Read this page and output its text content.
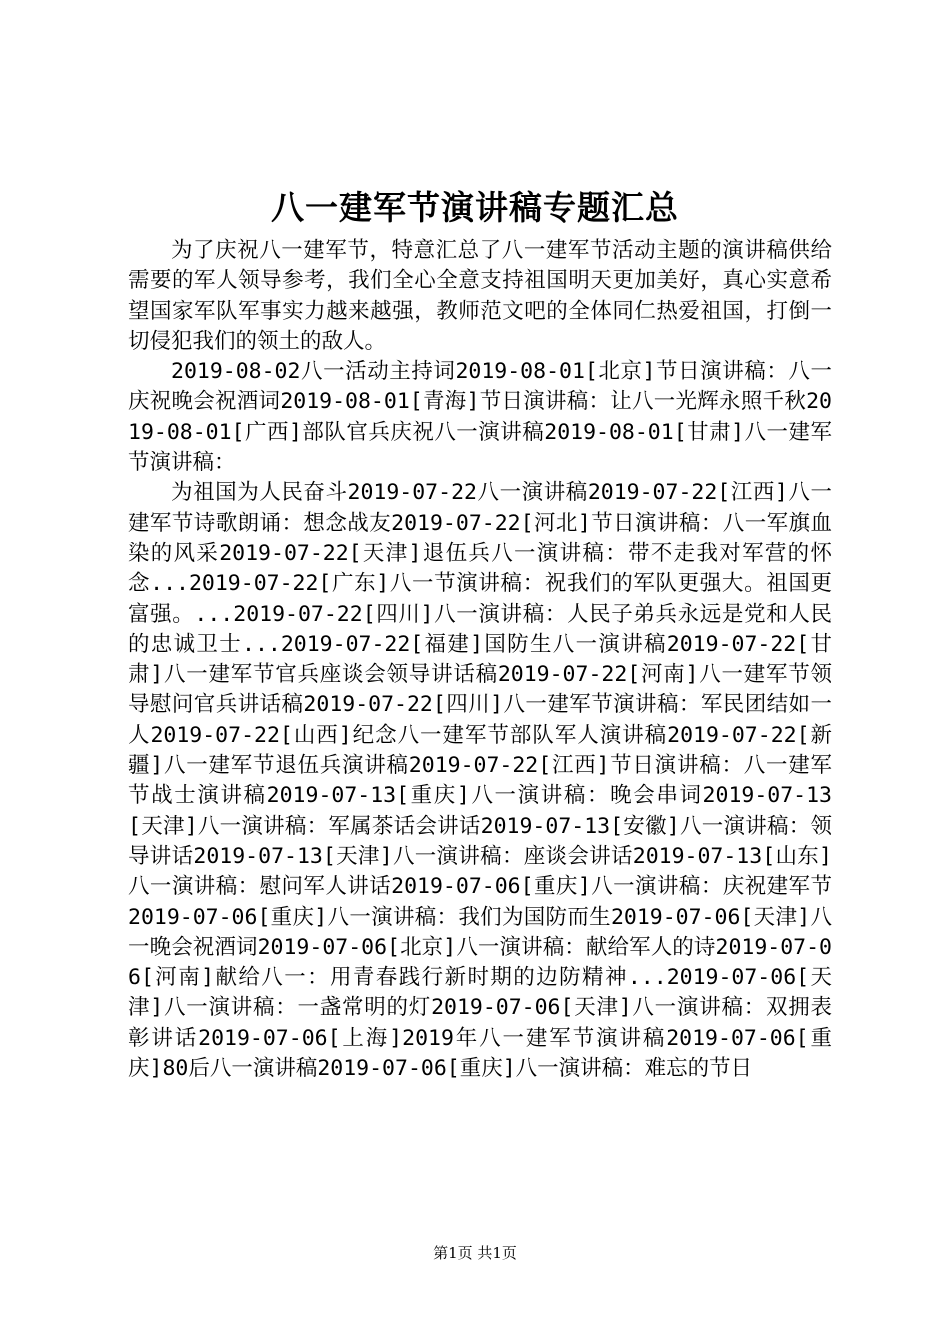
八一建军节演讲稿专题汇总

为了庆祝八一建军节，特意汇总了八一建军节活动主题的演讲稿供给需要的军人领导参考，我们全心全意支持祖国明天更加美好，真心实意希望国家军队军事实力越来越强，教师范文吧的全体同仁热爱祖国，打倒一切侵犯我们的领土的敌人。

2019-08-02八一活动主持词2019-08-01[北京]节日演讲稿：八一庆祝晚会祝酒词2019-08-01[青海]节日演讲稿：让八一光辉永照千秋2019-08-01[广西]部队官兵庆祝八一演讲稿2019-08-01[甘肃]八一建军节演讲稿：

为祖国为人民奋斗2019-07-22八一演讲稿2019-07-22[江西]八一建军节诗歌朗诵：想念战友2019-07-22[河北]节日演讲稿：八一军旗血染的风采2019-07-22[天津]退伍兵八一演讲稿：带不走我对军营的怀念...2019-07-22[广东]八一节演讲稿：祝我们的军队更强大。祖国更富强。...2019-07-22[四川]八一演讲稿：人民子弟兵永远是党和人民的忠诚卫士...2019-07-22[福建]国防生八一演讲稿2019-07-22[甘肃]八一建军节官兵座谈会领导讲话稿2019-07-22[河南]八一建军节领导慰问官兵讲话稿2019-07-22[四川]八一建军节演讲稿：军民团结如一人2019-07-22[山西]纪念八一建军节部队军人演讲稿2019-07-22[新疆]八一建军节退伍兵演讲稿2019-07-22[江西]节日演讲稿：八一建军节战士演讲稿2019-07-13[重庆]八一演讲稿：晚会串词2019-07-13[天津]八一演讲稿：军属茶话会讲话2019-07-13[安徽]八一演讲稿：领导讲话2019-07-13[天津]八一演讲稿：座谈会讲话2019-07-13[山东]八一演讲稿：慰问军人讲话2019-07-06[重庆]八一演讲稿：庆祝建军节2019-07-06[重庆]八一演讲稿：我们为国防而生2019-07-06[天津]八一晚会祝酒词2019-07-06[北京]八一演讲稿：献给军人的诗2019-07-06[河南]献给八一：用青春践行新时期的边防精神...2019-07-06[天津]八一演讲稿：一盏常明的灯2019-07-06[天津]八一演讲稿：双拥表彰讲话2019-07-06[上海]2019年八一建军节演讲稿2019-07-06[重庆]80后八一演讲稿2019-07-06[重庆]八一演讲稿：难忘的节日

第1页 共1页
